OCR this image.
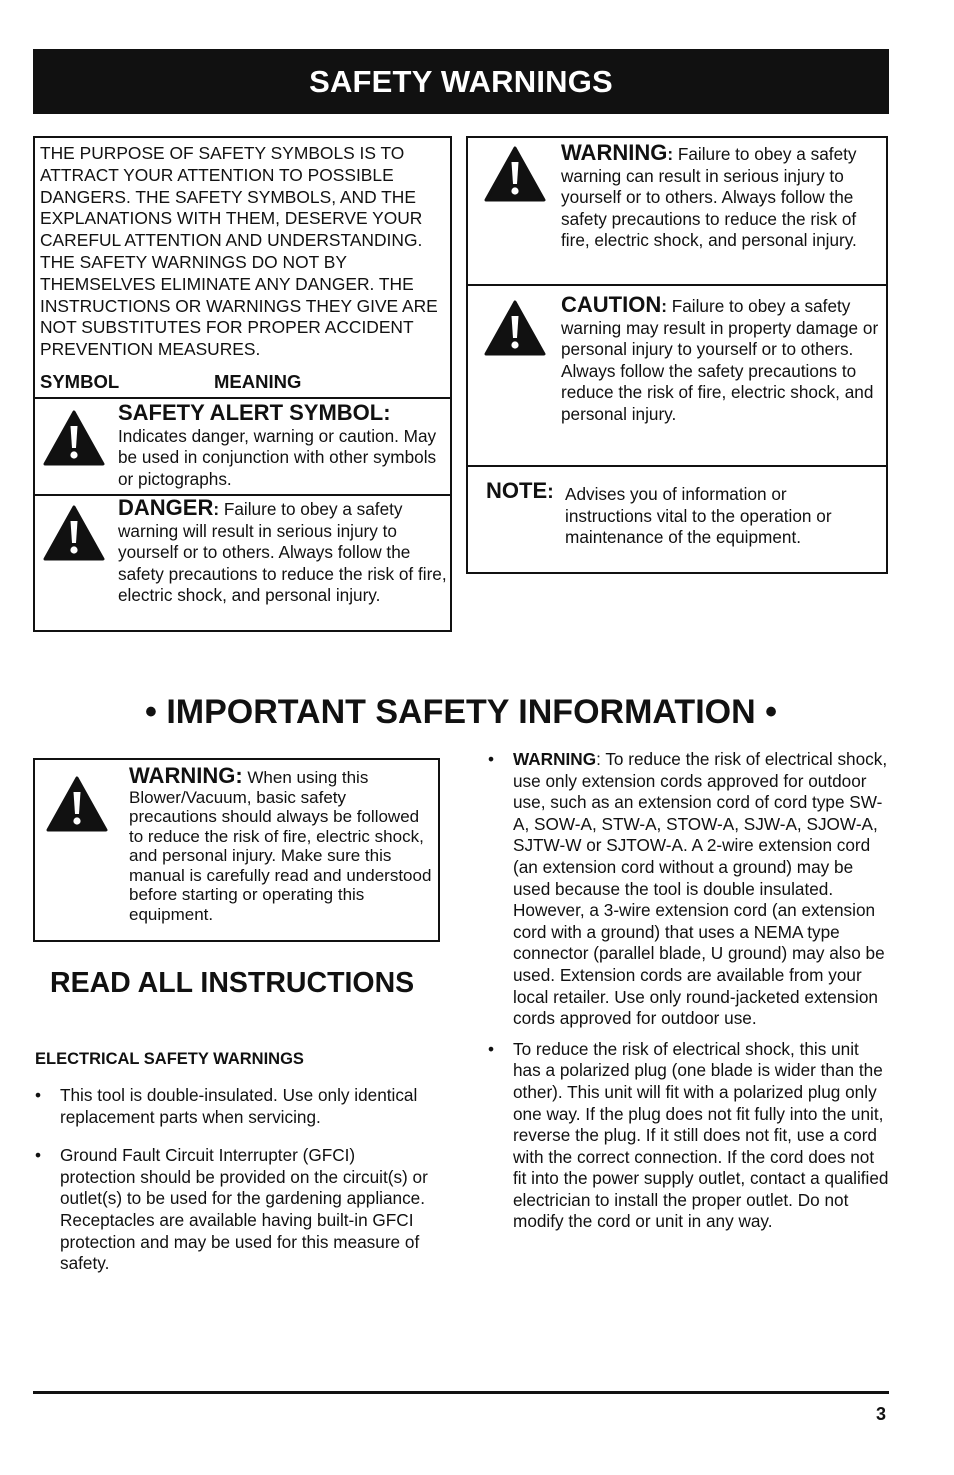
SAFETY WARNINGS
THE PURPOSE OF SAFETY SYMBOLS IS TO ATTRACT YOUR ATTENTION TO POSSIBLE DANGERS. THE SAFETY SYMBOLS, AND THE EXPLANATIONS WITH THEM, DESERVE YOUR CAREFUL ATTENTION AND UNDERSTANDING. THE SAFETY WARNINGS DO NOT BY THEMSELVES ELIMINATE ANY DANGER. THE INSTRUCTIONS OR WARNINGS THEY GIVE ARE NOT SUBSTITUTES FOR PROPER ACCIDENT PREVENTION MEASURES.
SYMBOL	MEANING
SAFETY ALERT SYMBOL:
Indicates danger, warning or caution. May be used in conjunction with other symbols or pictographs.
DANGER: Failure to obey a safety warning will result in serious injury to yourself or to others. Always follow the safety precautions to reduce the risk of fire, electric shock, and personal injury.
WARNING: Failure to obey a safety warning can result in serious injury to yourself or to others. Always follow the safety precautions to reduce the risk of fire, electric shock, and personal injury.
CAUTION: Failure to obey a safety warning may result in property damage or personal injury to yourself or to others. Always follow the safety precautions to reduce the risk of fire, electric shock, and personal injury.
NOTE: Advises you of information or instructions vital to the operation or maintenance of the equipment.
• IMPORTANT SAFETY INFORMATION •
WARNING: When using this Blower/Vacuum, basic safety precautions should always be followed to reduce the risk of fire, electric shock, and personal injury. Make sure this manual is carefully read and understood before starting or operating this equipment.
READ ALL INSTRUCTIONS
ELECTRICAL SAFETY WARNINGS
• This tool is double-insulated. Use only identical replacement parts when servicing.
• Ground Fault Circuit Interrupter (GFCI) protection should be provided on the circuit(s) or outlet(s) to be used for the gardening appliance. Receptacles are available having built-in GFCI protection and may be used for this measure of safety.
• WARNING: To reduce the risk of electrical shock, use only extension cords approved for outdoor use, such as an extension cord of cord type SW-A, SOW-A, STW-A, STOW-A, SJW-A, SJOW-A, SJTW-W or SJTOW-A. A 2-wire extension cord (an extension cord without a ground) may be used because the tool is double insulated. However, a 3-wire extension cord (an extension cord with a ground) that uses a NEMA type connector (parallel blade, U ground) may also be used. Extension cords are available from your local retailer. Use only round-jacketed extension cords approved for outdoor use.
• To reduce the risk of electrical shock, this unit has a polarized plug (one blade is wider than the other). This unit will fit with a polarized plug only one way. If the plug does not fit fully into the unit, reverse the plug. If it still does not fit, use a cord with the correct connection. If the cord does not fit into the power supply outlet, contact a qualified electrician to install the proper outlet. Do not modify the cord or unit in any way.
3
